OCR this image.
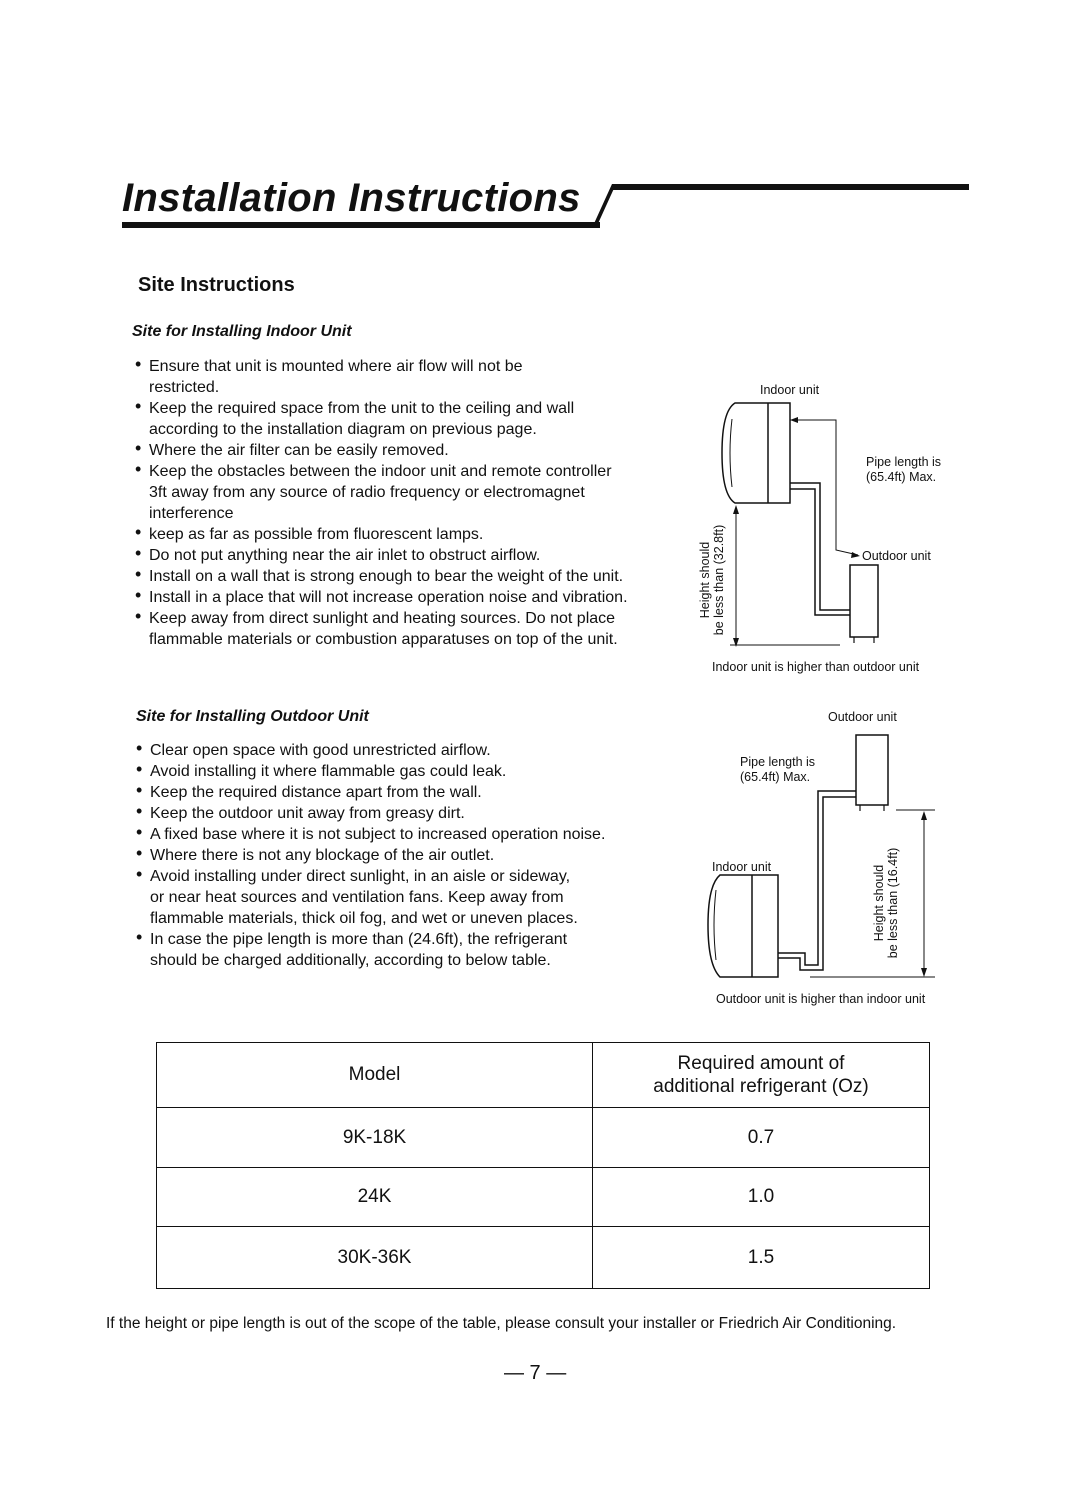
Installation Instructions
Site Instructions
Site for Installing Indoor Unit
• Ensure that unit is mounted where air flow will not be
restricted.
• Keep the required space from the unit to the ceiling and wall
according to the installation diagram on previous page.
• Where the air filter can be easily removed.
• Keep the obstacles between the indoor unit and remote controller
3ft away from any source of radio frequency or electromagnet
interference
• keep as far as possible from fluorescent lamps.
• Do not put anything near the air inlet to obstruct airflow.
• Install on a wall that is strong enough to bear the weight of the unit.
• Install in a place that will not increase operation noise and vibration.
• Keep away from direct sunlight and heating sources. Do not place
flammable materials or combustion apparatuses on top of the unit.
Indoor unit
Pipe length is
(65.4ft) Max.
Outdoor unit
Height should
be less than (32.8ft)
Indoor unit is higher than outdoor unit
Site for Installing Outdoor Unit
• Clear open space with good unrestricted airflow.
• Avoid installing it where flammable gas could leak.
• Keep the required distance apart from the wall.
• Keep the outdoor unit away from greasy dirt.
• A fixed base where it is not subject to increased operation noise.
• Where there is not any blockage of the air outlet.
• Avoid installing under direct sunlight, in an aisle or sideway,
or near heat sources and ventilation fans. Keep away from
flammable materials, thick oil fog, and wet or uneven places.
• In case the pipe length is more than (24.6ft), the refrigerant
should be charged additionally, according to below table.
Outdoor unit
Pipe length is
(65.4ft) Max.
Indoor unit
Height should
be less than (16.4ft)
Outdoor unit is higher than indoor unit
Model	Required amount of
additional refrigerant (Oz)
9K-18K	0.7
24K	1.0
30K-36K	1.5
If the height or pipe length is out of the scope of the table, please consult your installer or Friedrich Air Conditioning.
— 7 —
